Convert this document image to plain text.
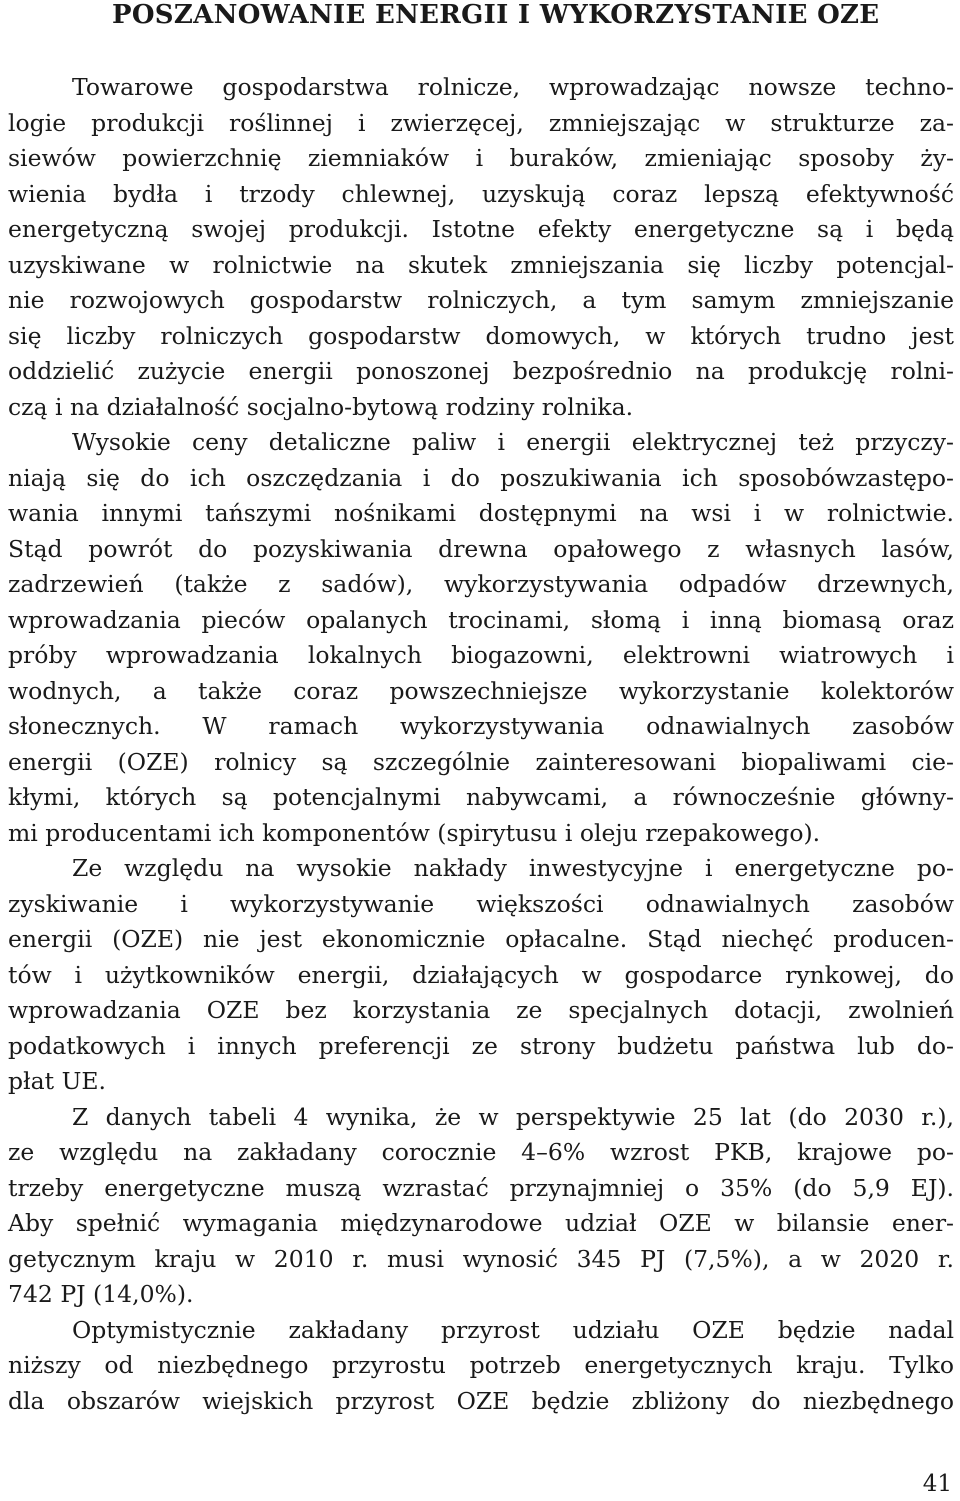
POSZANOWANIE ENERGII I WYKORZYSTANIE OZE
Towarowe gospodarstwa rolnicze, wprowadzając nowsze techno-
logie produkcji roślinnej i zwierzęcej, zmniejszając w strukturze za-
siewów powierzchnię ziemniaków i buraków, zmieniając sposoby ży-
wienia bydła i trzody chlewnej, uzyskują coraz lepszą efektywność
energetyczną swojej produkcji. Istotne efekty energetyczne są i będą
uzyskiwane w rolnictwie na skutek zmniejszania się liczby potencjal-
nie rozwojowych gospodarstw rolniczych, a tym samym zmniejszanie
się liczby rolniczych gospodarstw domowych, w których trudno jest
oddzielić zużycie energii ponoszonej bezpośrednio na produkcję rolni-
czą i na działalność socjalno-bytową rodziny rolnika.
Wysokie ceny detaliczne paliw i energii elektrycznej też przyczy-
niają się do ich oszczędzania i do poszukiwania ich sposobówzastępo-
wania innymi tańszymi nośnikami dostępnymi na wsi i w rolnictwie.
Stąd powrót do pozyskiwania drewna opałowego z własnych lasów,
zadrzewień (także z sadów), wykorzystywania odpadów drzewnych,
wprowadzania pieców opalanych trocinami, słomą i inną biomasą oraz
próby wprowadzania lokalnych biogazowni, elektrowni wiatrowych i
wodnych, a także coraz powszechniejsze wykorzystanie kolektorów
słonecznych. W ramach wykorzystywania odnawialnych zasobów
energii (OZE) rolnicy są szczególnie zainteresowani biopaliwami cie-
kłymi, których są potencjalnymi nabywcami, a równocześnie główny-
mi producentami ich komponentów (spirytusu i oleju rzepakowego).
Ze względu na wysokie nakłady inwestycyjne i energetyczne po-
zyskiwanie i wykorzystywanie większości odnawialnych zasobów
energii (OZE) nie jest ekonomicznie opłacalne. Stąd niechęć producen-
tów i użytkowników energii, działających w gospodarce rynkowej, do
wprowadzania OZE bez korzystania ze specjalnych dotacji, zwolnień
podatkowych i innych preferencji ze strony budżetu państwa lub do-
płat UE.
Z danych tabeli 4 wynika, że w perspektywie 25 lat (do 2030 r.),
ze względu na zakładany corocznie 4–6% wzrost PKB, krajowe po-
trzeby energetyczne muszą wzrastać przynajmniej o 35% (do 5,9 EJ).
Aby spełnić wymagania międzynarodowe udział OZE w bilansie ener-
getycznym kraju w 2010 r. musi wynosić 345 PJ (7,5%), a w 2020 r.
742 PJ (14,0%).
Optymistycznie zakładany przyrost udziału OZE będzie nadal
niższy od niezbędnego przyrostu potrzeb energetycznych kraju. Tylko
dla obszarów wiejskich przyrost OZE będzie zbliżony do niezbędnego
41
